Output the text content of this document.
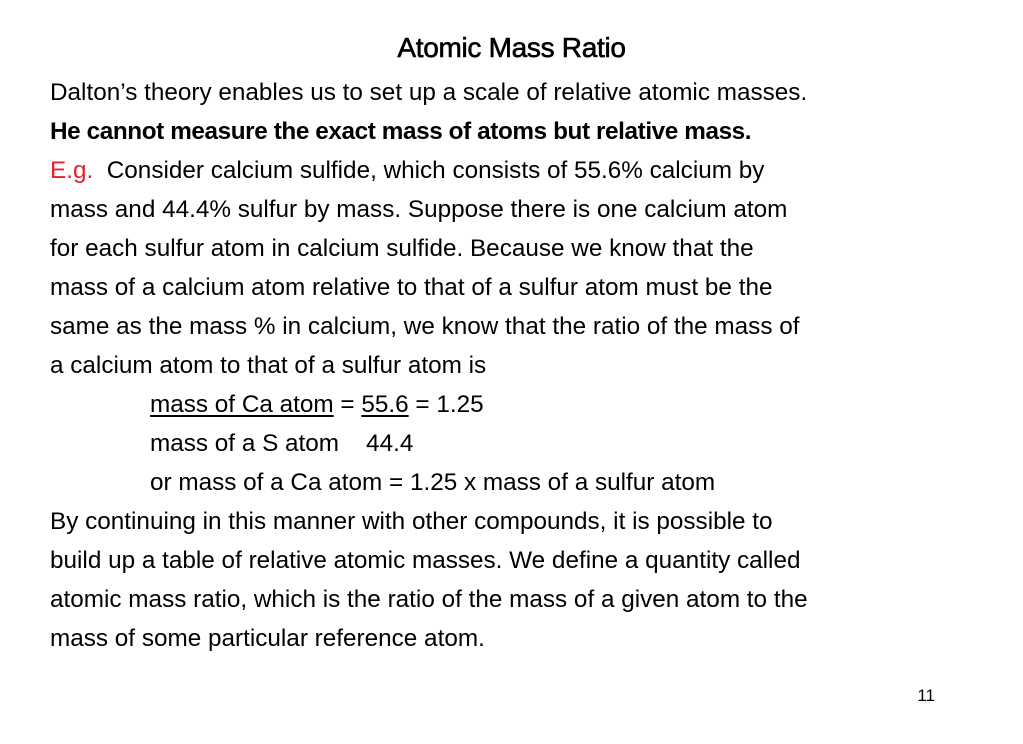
Atomic Mass Ratio
Dalton’s theory enables us to set up a scale of relative atomic masses.
He cannot measure the exact mass of atoms but relative mass.
E.g. Consider calcium sulfide, which consists of 55.6% calcium by
mass and 44.4% sulfur by mass. Suppose there is one calcium atom
for each sulfur atom in calcium sulfide. Because we know that the
mass of a calcium atom relative to that of a sulfur atom must be the
same as the mass % in calcium, we know that the ratio of the mass of
a calcium atom to that of a sulfur atom is
mass of Ca atom = 55.6 = 1.25
mass of a S atom    44.4
or mass of a Ca atom = 1.25 x mass of a sulfur atom
By continuing in this manner with other compounds, it is possible to
build up a table of relative atomic masses. We define a quantity called
atomic mass ratio, which is the ratio of the mass of a given atom to the
mass of some particular reference atom.
11
